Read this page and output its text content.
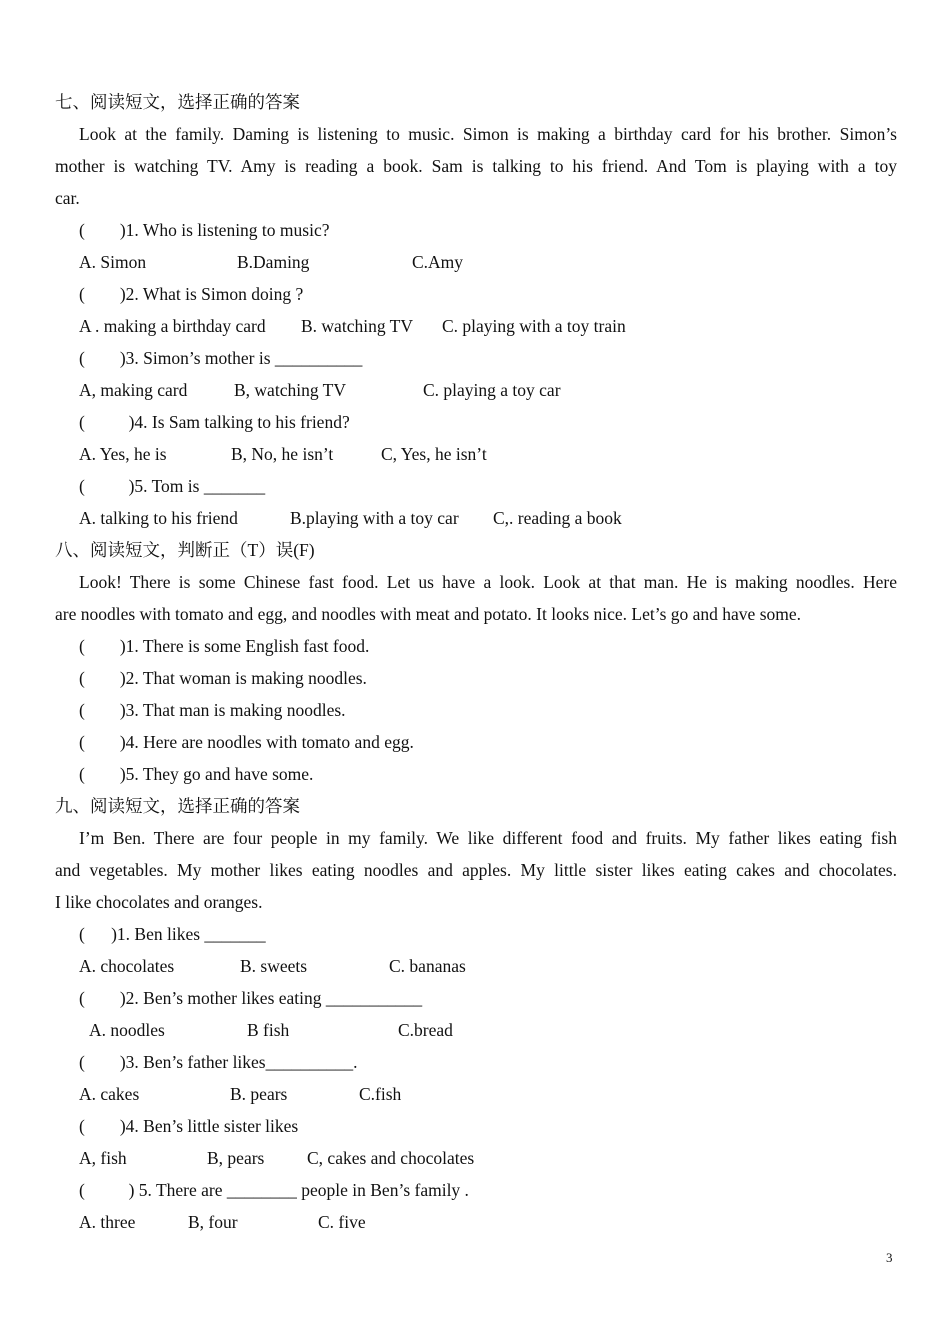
七、阅读短文，选择正确的答案
Look at the family. Daming is listening to music. Simon is making a birthday card for his brother. Simon’s
mother is watching TV. Amy is reading a book. Sam is talking to his friend. And Tom is playing with a toy
car.
(        )1. Who is listening to music?

A. Simon

	B.Daming

	C.Amy

(        )2. What is Simon doing ?

A . making a birthday card

B. watching TV

C. playing with a toy train

(        )3. Simon’s mother is __________

A, making card

	B, watching TV

	C. playing a toy car

(          )4. Is Sam talking to his friend?

A. Yes, he is

	B, No, he isn’t

	C, Yes, he isn’t

(          )5. Tom is _______

A. talking to his friend

	B.playing with a toy car

C,. reading a book

八、阅读短文，判断正（T）误(F)
Look! There is some Chinese fast food. Let us have a look. Look at that man. He is making noodles. Here
are noodles with tomato and egg, and noodles with meat and potato. It looks nice. Let’s go and have some.
(        )1. There is some English fast food.
(        )2. That woman is making noodles.
(        )3. That man is making noodles.
(        )4. Here are noodles with tomato and egg.
(        )5. They go and have some.
九、阅读短文，选择正确的答案
I’m Ben. There are four people in my family. We like different food and fruits. My father likes eating fish
and vegetables. My mother likes eating noodles and apples. My little sister likes eating cakes and chocolates.
I like chocolates and oranges.
(      )1. Ben likes _______

A. chocolates

	B. sweets

	C. bananas

(        )2. Ben’s mother likes eating ___________

A. noodles

	B fish

	C.bread

(        )3. Ben’s father likes__________.

A. cakes

	B. pears

	C.fish

(        )4. Ben’s little sister likes

A, fish

	B, pears

C, cakes and chocolates

(          ) 5. There are ________ people in Ben’s family .

A. three

	B, four

	C. five

3
